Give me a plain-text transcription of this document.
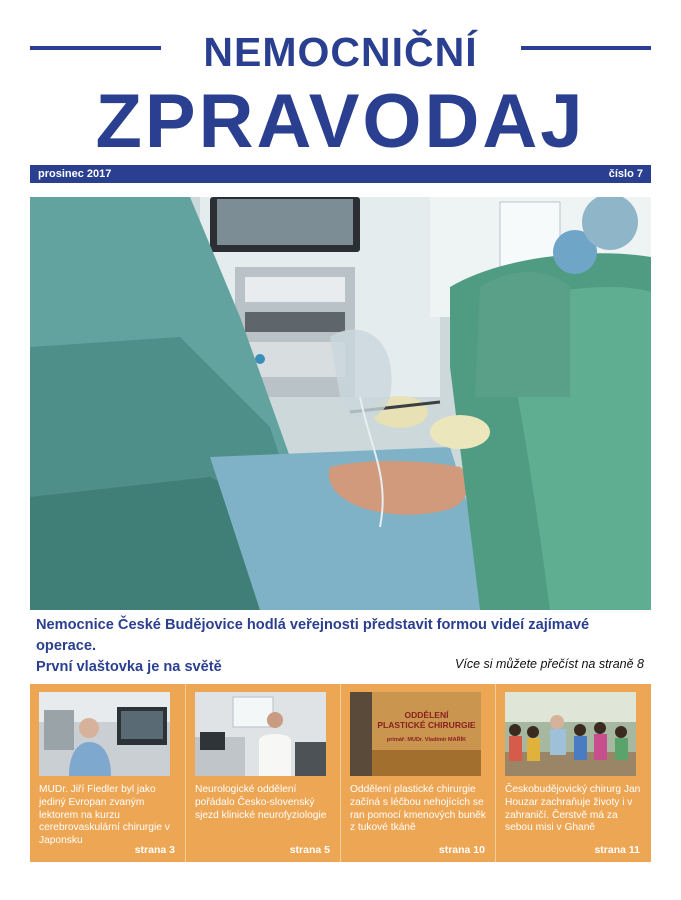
NEMOCNIČNÍ
ZPRAVODAJ
prosinec 2017	číslo 7
Nemocnice České Budějovice hodlá veřejnosti představit formou videí zajímavé operace.
První vlaštovka je na světě	Více si můžete přečíst na straně 8
MUDr. Jiří Fiedler byl jako jediný Evropan zvaným lektorem na kurzu cerebrovaskulární chirurgie v Japonsku
strana 3
Neurologické oddělení pořádalo Česko-slovenský sjezd klinické neurofyziologie
strana 5
ODDĚLENÍ
PLASTICKÉ CHIRURGIE
primář: MUDr. Vladimír MAŘÍK
Oddělení plastické chirurgie začíná s léčbou nehojících se ran pomocí kmenových buněk z tukové tkáně
strana 10
Českobudějovický chirurg Jan Houzar zachraňuje životy i v zahraničí. Čerstvě má za sebou misi v Ghaně
strana 11
